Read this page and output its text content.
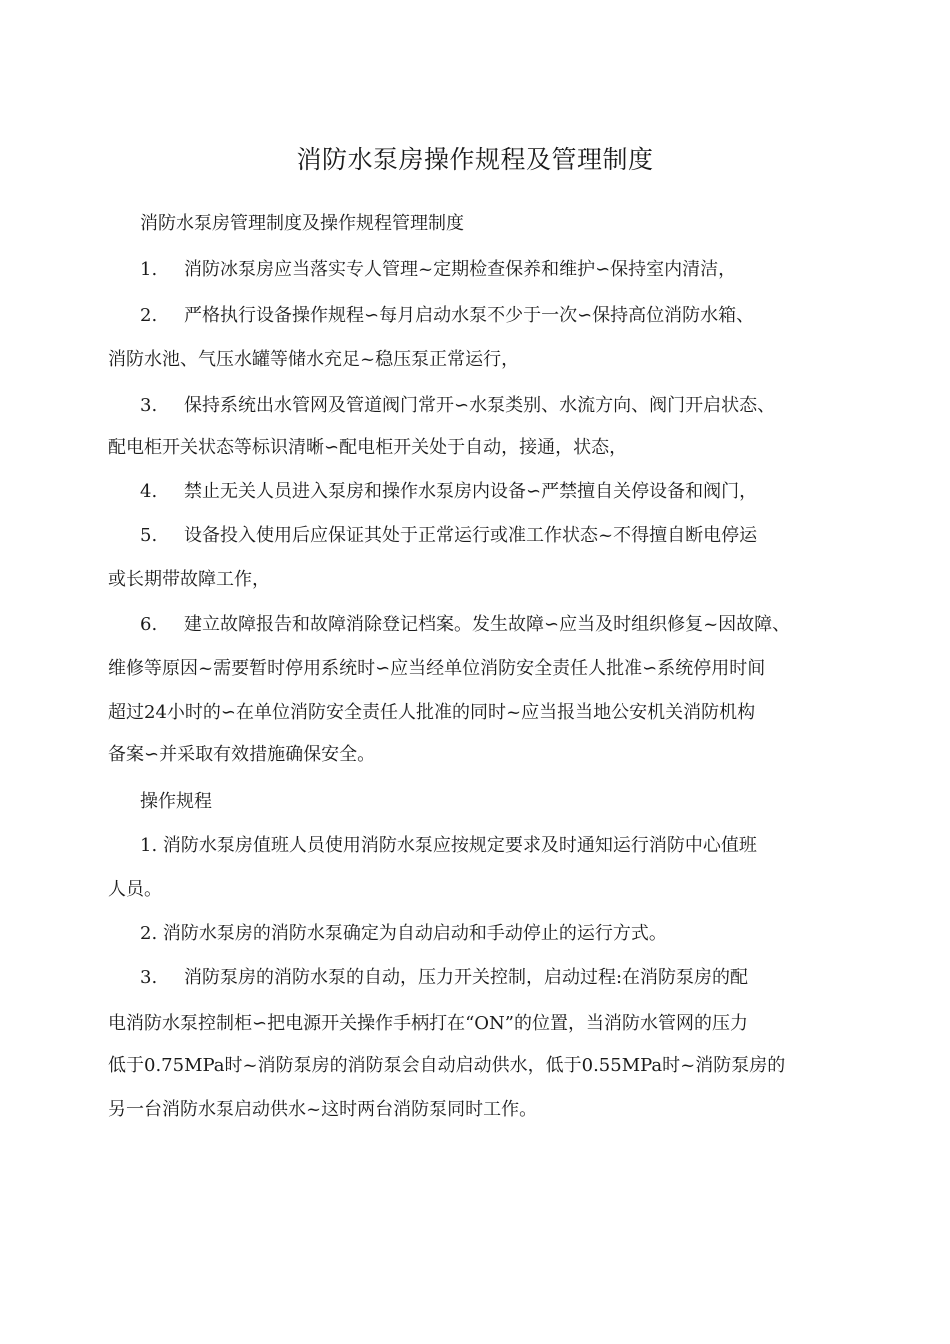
消防水泵房操作规程及管理制度
消防水泵房管理制度及操作规程管理制度
1. 消防冰泵房应当落实专人管理~定期检查保养和维护∽保持室内清洁，
2. 严格执行设备操作规程∽每月启动水泵不少于一次∽保持高位消防水箱、
消防水池、气压水罐等储水充足~稳压泵正常运行，
3. 保持系统出水管网及管道阀门常开∽水泵类别、水流方向、阀门开启状态、
配电柜开关状态等标识清晰∽配电柜开关处于自动，接通，状态，
4. 禁止无关人员进入泵房和操作水泵房内设备∽严禁擅自关停设备和阀门，
5. 设备投入使用后应保证其处于正常运行或准工作状态~不得擅自断电停运
或长期带故障工作，
6. 建立故障报告和故障消除登记档案。发生故障∽应当及时组织修复~因故障、
维修等原因~需要暂时停用系统时∽应当经单位消防安全责任人批准∽系统停用时间
超过24小时的∽在单位消防安全责任人批准的同时~应当报当地公安机关消防机构
备案∽并采取有效措施确保安全。
操作规程
1. 消防水泵房值班人员使用消防水泵应按规定要求及时通知运行消防中心值班
人员。
2. 消防水泵房的消防水泵确定为自动启动和手动停止的运行方式。
3. 消防泵房的消防水泵的自动，压力开关控制，启动过程:在消防泵房的配
电消防水泵控制柜∽把电源开关操作手柄打在“ON”的位置，当消防水管网的压力
低于0.75MPa时~消防泵房的消防泵会自动启动供水，低于0.55MPa时~消防泵房的
另一台消防水泵启动供水~这时两台消防泵同时工作。
